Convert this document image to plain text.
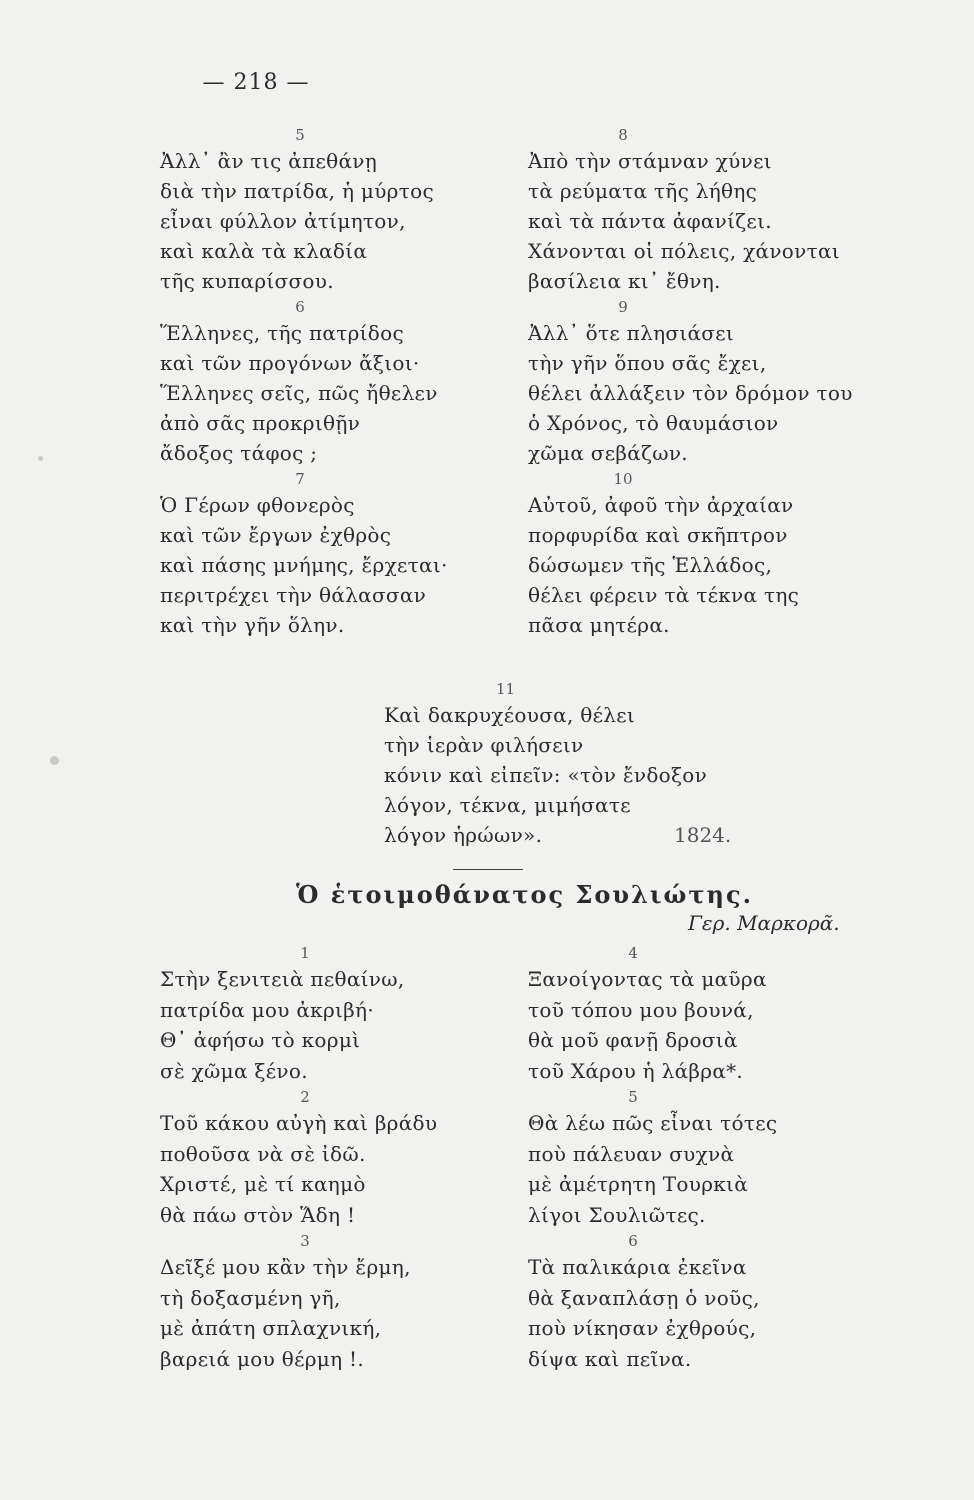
— 218 —
5
Ἀλλ᾽ ἂν τις ἀπεθάνῃ
διὰ τὴν πατρίδα, ἡ μύρτος
εἶναι φύλλον ἀτίμητον,
καὶ καλὰ τὰ κλαδία
τῆς κυπαρίσσου.
6
Ἕλληνες, τῆς πατρίδος
καὶ τῶν προγόνων ἄξιοι·
Ἕλληνες σεῖς, πῶς ἤθελεν
ἀπὸ σᾶς προκριθῇν
ἄδοξος τάφος ;
7
Ὁ Γέρων φθονερὸς
καὶ τῶν ἔργων ἐχθρὸς
καὶ πάσης μνήμης, ἔρχεται·
περιτρέχει τὴν θάλασσαν
καὶ τὴν γῆν ὅλην.
8
Ἀπὸ τὴν στάμναν χύνει
τὰ ρεύματα τῆς λήθης
καὶ τὰ πάντα ἀφανίζει.
Χάνονται οἱ πόλεις, χάνονται
βασίλεια κι᾽ ἔθνη.
9
Ἀλλ᾽ ὅτε πλησιάσει
τὴν γῆν ὅπου σᾶς ἔχει,
θέλει ἀλλάξειν τὸν δρόμον του
ὁ Χρόνος, τὸ θαυμάσιον
χῶμα σεβάζων.
10
Αὐτοῦ, ἀφοῦ τὴν ἀρχαίαν
πορφυρίδα καὶ σκῆπτρον
δώσωμεν τῆς Ἑλλάδος,
θέλει φέρειν τὰ τέκνα της
πᾶσα μητέρα.
11
Καὶ δακρυχέουσα, θέλει
τὴν ἱερὰν φιλήσειν
κόνιν καὶ εἰπεῖν: «τὸν ἔνδοξον
λόγον, τέκνα, μιμήσατε
λόγον ἡρώων».	1824.
Ὁ ἑτοιμοθάνατος Σουλιώτης.
Γερ. Μαρκορᾶ.
1
Στὴν ξενιτειὰ πεθαίνω,
πατρίδα μου ἀκριβή·
Θ᾽ ἀφήσω τὸ κορμὶ
σὲ χῶμα ξένο.
2
Τοῦ κάκου αὐγὴ καὶ βράδυ
ποθοῦσα νὰ σὲ ἰδῶ.
Χριστέ, μὲ τί καημὸ
θὰ πάω στὸν Ἅδη !
3
Δεῖξέ μου κἂν τὴν ἔρμη,
τὴ δοξασμένη γῆ,
μὲ ἀπάτη σπλαχνική,
βαρειά μου θέρμη !.
4
Ξανοίγοντας τὰ μαῦρα
τοῦ τόπου μου βουνά,
θὰ μοῦ φανῇ δροσιὰ
τοῦ Χάρου ἡ λάβρα*.
5
Θὰ λέω πῶς εἶναι τότες
ποὺ πάλευαν συχνὰ
μὲ ἀμέτρητη Τουρκιὰ
λίγοι Σουλιῶτες.
6
Τὰ παλικάρια ἐκεῖνα
θὰ ξαναπλάσῃ ὁ νοῦς,
ποὺ νίκησαν ἐχθρούς,
δίψα καὶ πεῖνα.
